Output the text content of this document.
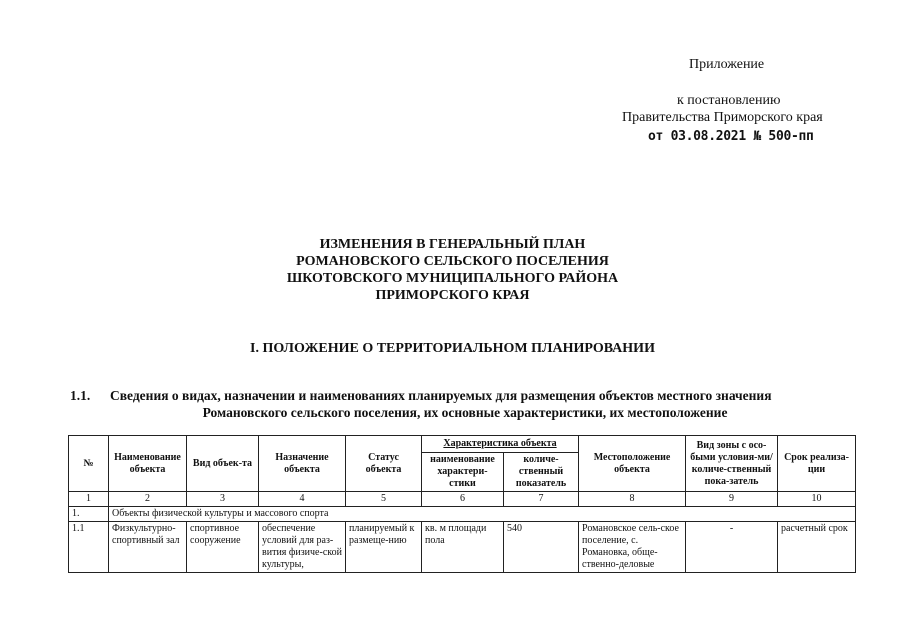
Приложение
к постановлению
Правительства Приморского края
от 03.08.2021 № 500-пп
ИЗМЕНЕНИЯ В ГЕНЕРАЛЬНЫЙ ПЛАН
РОМАНОВСКОГО СЕЛЬСКОГО ПОСЕЛЕНИЯ
ШКОТОВСКОГО МУНИЦИПАЛЬНОГО РАЙОНА
ПРИМОРСКОГО КРАЯ
I. ПОЛОЖЕНИЕ О ТЕРРИТОРИАЛЬНОМ ПЛАНИРОВАНИИ
1.1. Сведения о видах, назначении и наименованиях планируемых для размещения объектов местного значения
Романовского сельского поселения, их основные характеристики, их местоположение
№	Наименование объекта	Вид объек-та	Назначение объекта	Статус объекта	Характеристика объекта		Местоположение объекта	Вид зоны с осо-быми условия-ми/ количе-ственный пока-затель	Срок реализа-ции
					наименование характери-стики	количе-ственный показатель			
1	2	3	4	5	6	7	8	9	10
1.	Объекты физической культуры и массового спорта								
1.1	Физкультурно-спортивный зал	спортивное сооружение	обеспечение условий для раз-вития физиче-ской культуры,	планируемый к размеще-нию	кв. м площади пола	540	Романовское сель-ское поселение, с. Романовка, обще-ственно-деловые	-	расчетный срок
